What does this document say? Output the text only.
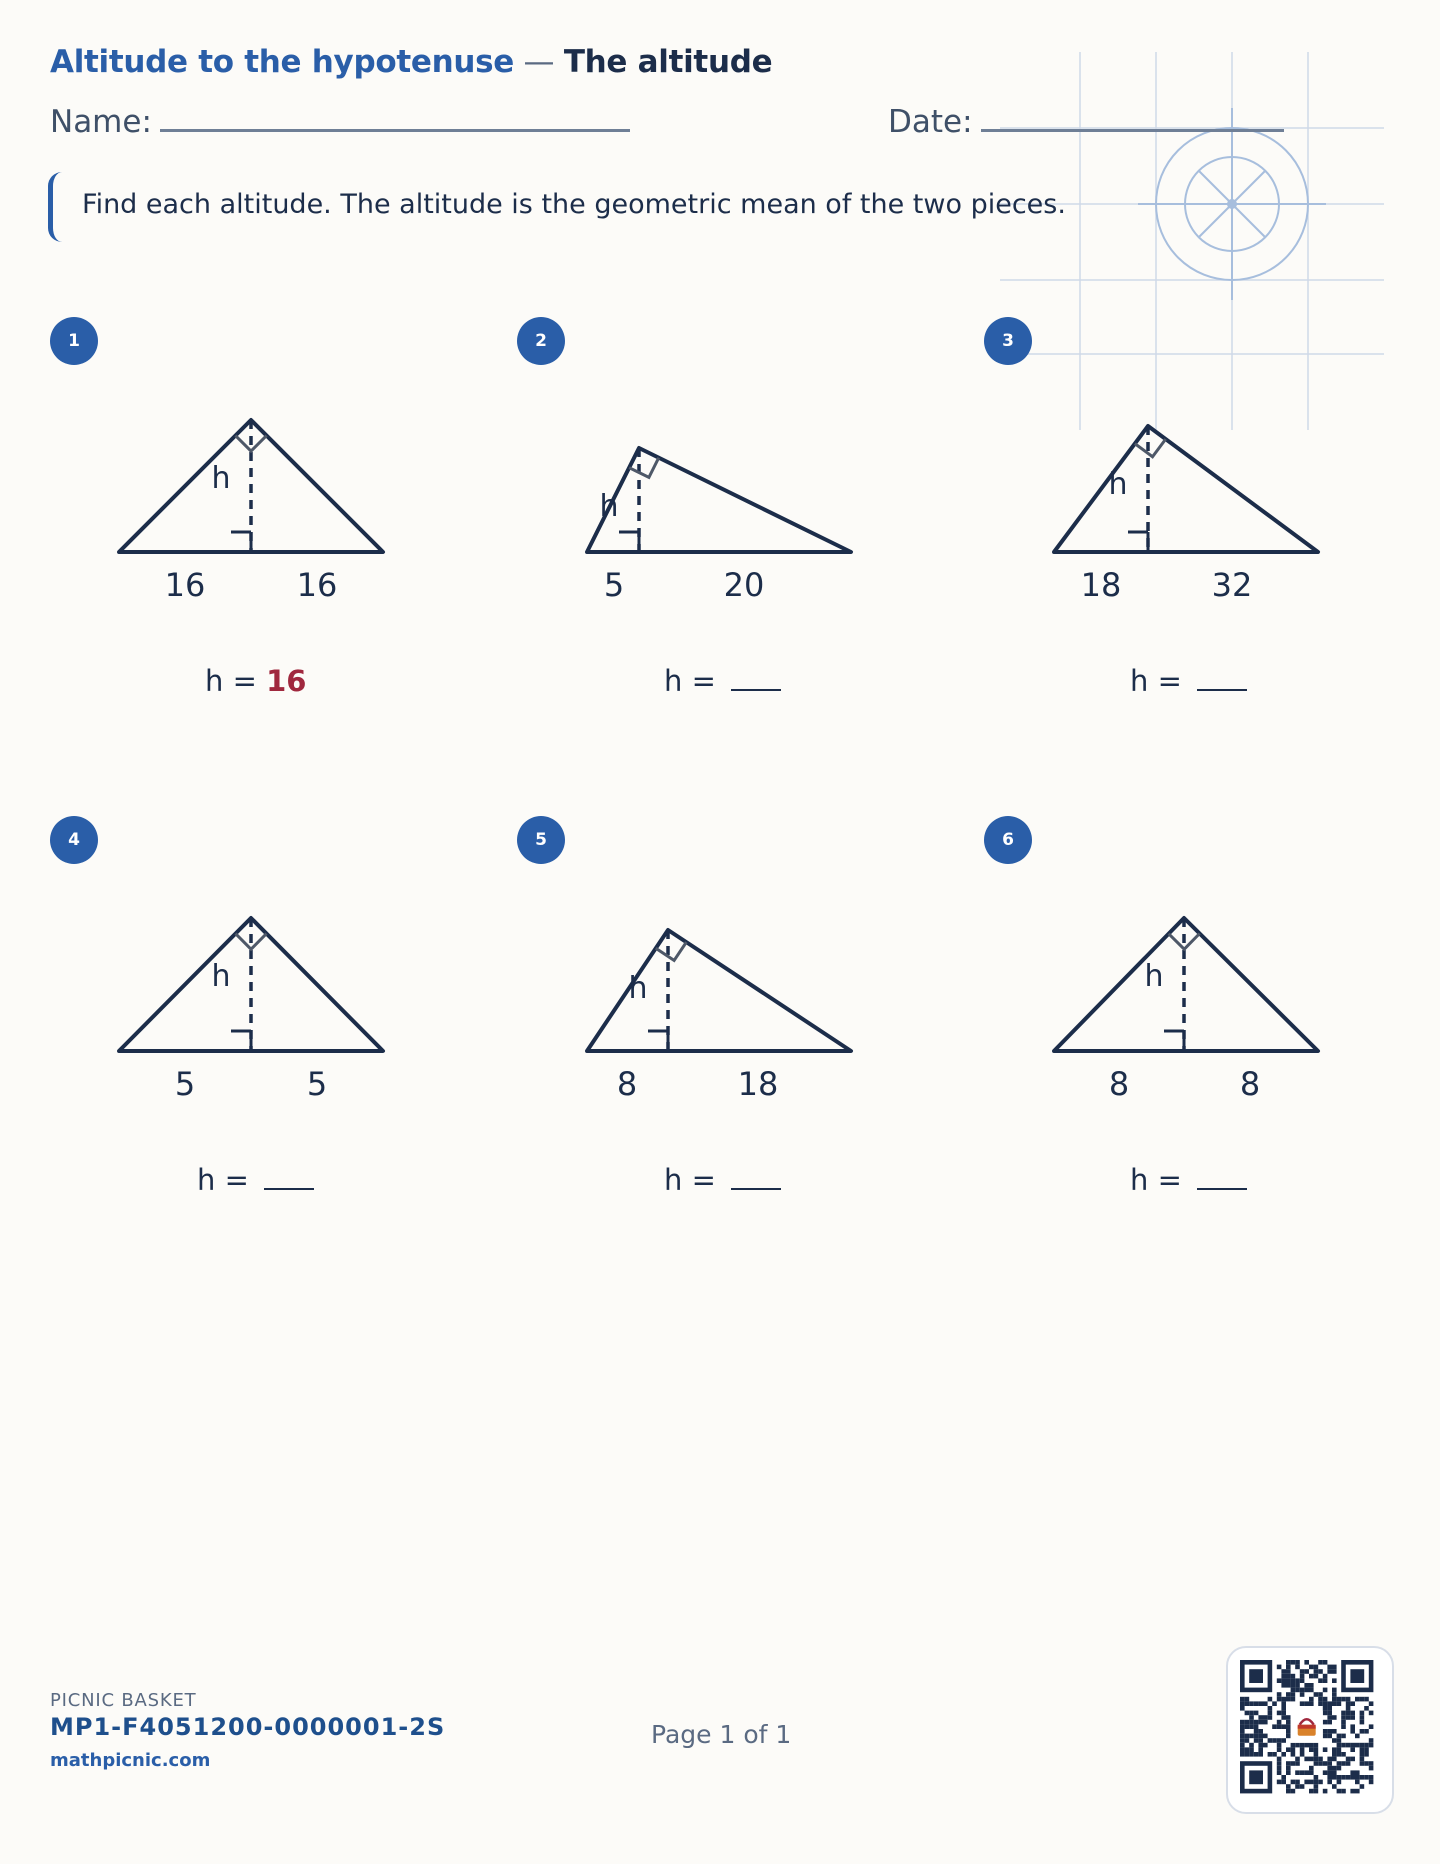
Altitude to the hypotenuse — The altitude
Name:	Date:
Find each altitude. The altitude is the geometric mean of the two pieces.
1
h
16	16
h = 16
2
h
5	20
h =
3
h
18	32
h =
4
h
5	5
h =
5
h
8	18
h =
6
h
8	8
h =
PICNIC BASKET
MP1-F4051200-0000001-2S
mathpicnic.com
Page 1 of 1
